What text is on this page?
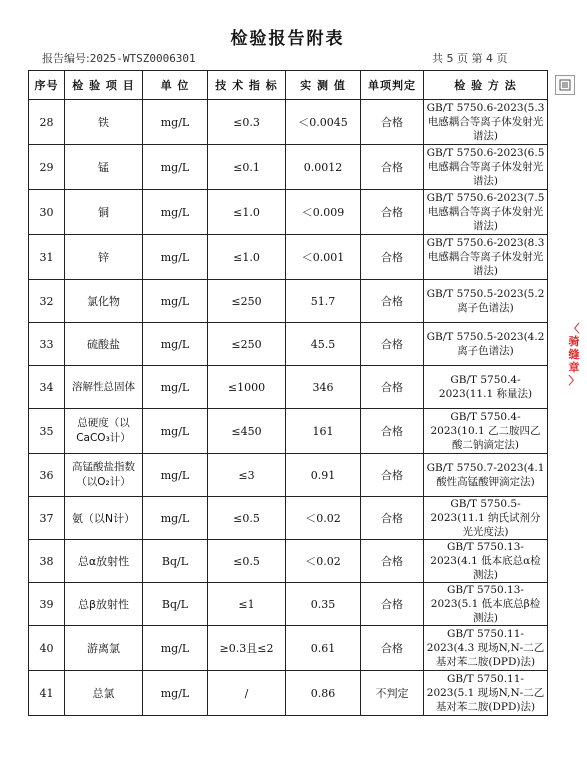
检验报告附表
报告编号:2025-WTSZ0006301	共 5 页 第 4 页
〈
骑
缝
章
〉
序号	检 验 项 目	单 位	技 术 指 标	实 测 值	单项判定	检 验 方 法
28	铁	mg/L	≤0.3	＜0.0045	合格	GB/T 5750.6-2023(5.3 电感耦合等离子体发射光谱法)
29	锰	mg/L	≤0.1	0.0012	合格	GB/T 5750.6-2023(6.5 电感耦合等离子体发射光谱法)
30	铜	mg/L	≤1.0	＜0.009	合格	GB/T 5750.6-2023(7.5 电感耦合等离子体发射光谱法)
31	锌	mg/L	≤1.0	＜0.001	合格	GB/T 5750.6-2023(8.3 电感耦合等离子体发射光谱法)
32	氯化物	mg/L	≤250	51.7	合格	GB/T 5750.5-2023(5.2 离子色谱法)
33	硫酸盐	mg/L	≤250	45.5	合格	GB/T 5750.5-2023(4.2 离子色谱法)
34	溶解性总固体	mg/L	≤1000	346	合格	GB/T 5750.4-2023(11.1 称量法)
35	总硬度（以CaCO₃计）	mg/L	≤450	161	合格	GB/T 5750.4-2023(10.1 乙二胺四乙酸二钠滴定法)
36	高锰酸盐指数（以O₂计）	mg/L	≤3	0.91	合格	GB/T 5750.7-2023(4.1 酸性高锰酸钾滴定法)
37	氨（以N计）	mg/L	≤0.5	＜0.02	合格	GB/T 5750.5-2023(11.1 纳氏试剂分光光度法)
38	总α放射性	Bq/L	≤0.5	＜0.02	合格	GB/T 5750.13-2023(4.1 低本底总α检测法)
39	总β放射性	Bq/L	≤1	0.35	合格	GB/T 5750.13-2023(5.1 低本底总β检测法)
40	游离氯	mg/L	≥0.3且≤2	0.61	合格	GB/T 5750.11-2023(4.3 现场N,N-二乙基对苯二胺(DPD)法)
41	总氯	mg/L	/	0.86	不判定	GB/T 5750.11-2023(5.1 现场N,N-二乙基对苯二胺(DPD)法)
